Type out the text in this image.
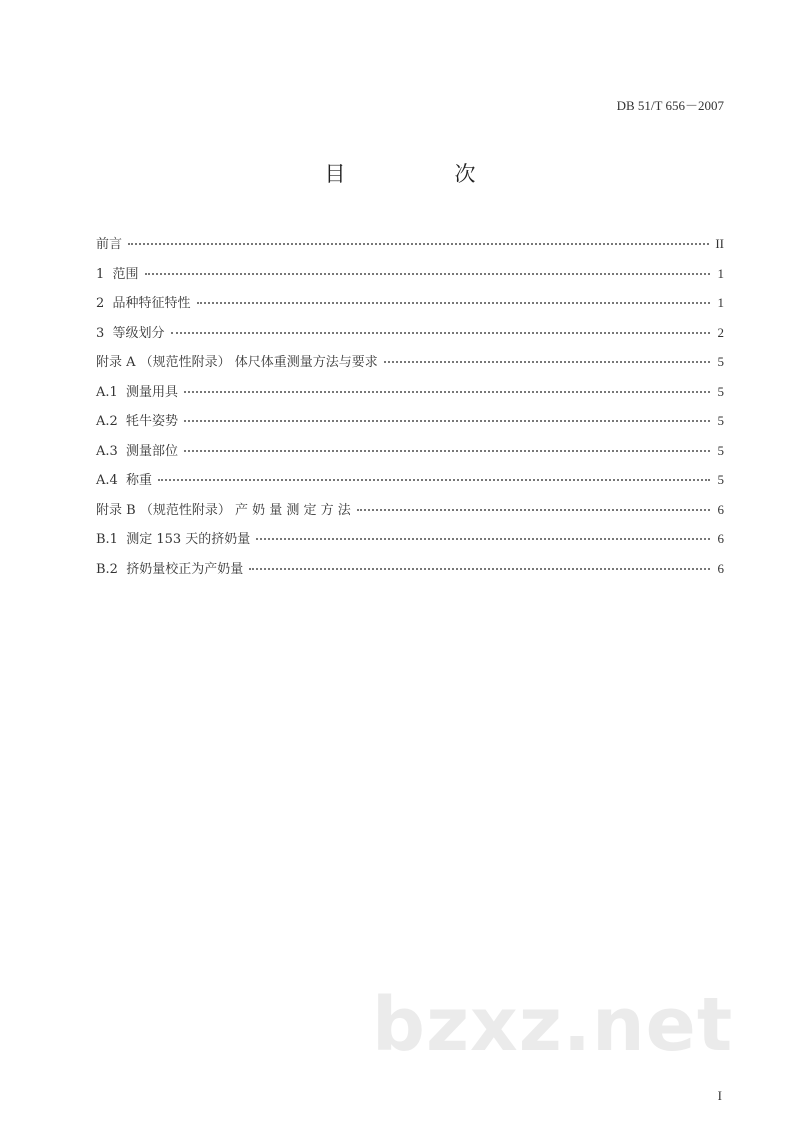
DB 51/T 656－2007
目　次
前言	II
1  范围	1
2  品种特征特性	1
3  等级划分	2
附录 A （规范性附录） 体尺体重测量方法与要求	5
A.1  测量用具	5
A.2  牦牛姿势	5
A.3  测量部位	5
A.4  称重	5
附录 B （规范性附录） 产 奶 量 测 定 方 法	6
B.1  测定 153 天的挤奶量	6
B.2  挤奶量校正为产奶量	6
bzxz.net
I
